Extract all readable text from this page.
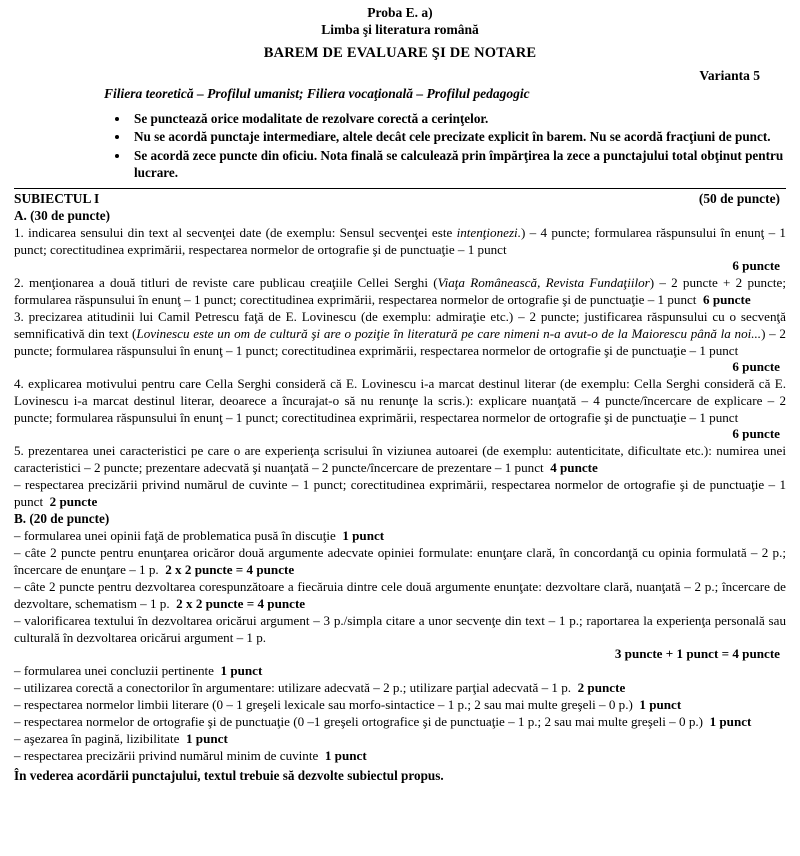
Proba E. a)
Limba şi literatura română
BAREM DE EVALUARE ŞI DE NOTARE
Varianta 5
Filiera teoretică – Profilul umanist; Filiera vocaţională – Profilul pedagogic
• Se punctează orice modalitate de rezolvare corectă a cerinţelor.
• Nu se acordă punctaje intermediare, altele decât cele precizate explicit în barem. Nu se acordă fracţiuni de punct.
• Se acordă zece puncte din oficiu. Nota finală se calculează prin împărţirea la zece a punctajului total obţinut pentru lucrare.
SUBIECTUL I	(50 de puncte)
A. (30 de puncte)

1. indicarea sensului din text al secvenţei date (de exemplu: Sensul secvenţei este intenţionezi.) – 4 puncte; formularea răspunsului în enunţ – 1 punct; corectitudinea exprimării, respectarea normelor de ortografie şi de punctuaţie – 1 punct

6 puncte

2. menţionarea a două titluri de reviste care publicau creaţiile Cellei Serghi (Viaţa Românească, Revista Fundaţiilor) – 2 puncte + 2 puncte; formularea răspunsului în enunţ – 1 punct; corectitudinea exprimării, respectarea normelor de ortografie şi de punctuaţie – 1 punct  6 puncte

3. precizarea atitudinii lui Camil Petrescu faţă de E. Lovinescu (de exemplu: admiraţie etc.) – 2 puncte; justificarea răspunsului cu o secvenţă semnificativă din text (Lovinescu este un om de cultură şi are o poziţie în literatură pe care nimeni n-a avut-o de la Maiorescu până la noi...) – 2 puncte; formularea răspunsului în enunţ – 1 punct; corectitudinea exprimării, respectarea normelor de ortografie şi de punctuaţie – 1 punct

6 puncte

4. explicarea motivului pentru care Cella Serghi consideră că E. Lovinescu i-a marcat destinul literar (de exemplu: Cella Serghi consideră că E. Lovinescu i-a marcat destinul literar, deoarece a încurajat-o să nu renunţe la scris.): explicare nuanţată – 4 puncte/încercare de explicare – 2 puncte; formularea răspunsului în enunţ – 1 punct; corectitudinea exprimării, respectarea normelor de ortografie şi de punctuaţie – 1 punct

6 puncte

5. prezentarea unei caracteristici pe care o are experienţa scrisului în viziunea autoarei (de exemplu: autenticitate, dificultate etc.): numirea unei caracteristici – 2 puncte; prezentare adecvată şi nuanţată – 2 puncte/încercare de prezentare – 1 punct  4 puncte

– respectarea precizării privind numărul de cuvinte – 1 punct; corectitudinea exprimării, respectarea normelor de ortografie şi de punctuaţie – 1 punct  2 puncte

B. (20 de puncte)

– formularea unei opinii faţă de problematica pusă în discuţie  1 punct

– câte 2 puncte pentru enunţarea oricăror două argumente adecvate opiniei formulate: enunţare clară, în concordanţă cu opinia formulată – 2 p.; încercare de enunţare – 1 p.  2 x 2 puncte = 4 puncte

– câte 2 puncte pentru dezvoltarea corespunzătoare a fiecăruia dintre cele două argumente enunţate: dezvoltare clară, nuanţată – 2 p.; încercare de dezvoltare, schematism – 1 p.  2 x 2 puncte = 4 puncte

– valorificarea textului în dezvoltarea oricărui argument – 3 p./simpla citare a unor secvenţe din text – 1 p.; raportarea la experienţa personală sau culturală în dezvoltarea oricărui argument – 1 p.

3 puncte + 1 punct = 4 puncte

– formularea unei concluzii pertinente  1 punct

– utilizarea corectă a conectorilor în argumentare: utilizare adecvată – 2 p.; utilizare parţial adecvată – 1 p.  2 puncte

– respectarea normelor limbii literare (0 – 1 greşeli lexicale sau morfo-sintactice – 1 p.; 2 sau mai multe greşeli – 0 p.)  1 punct

– respectarea normelor de ortografie şi de punctuaţie (0 –1 greşeli ortografice şi de punctuaţie – 1 p.; 2 sau mai multe greşeli – 0 p.)  1 punct

– aşezarea în pagină, lizibilitate  1 punct

– respectarea precizării privind numărul minim de cuvinte  1 punct

În vederea acordării punctajului, textul trebuie să dezvolte subiectul propus.
